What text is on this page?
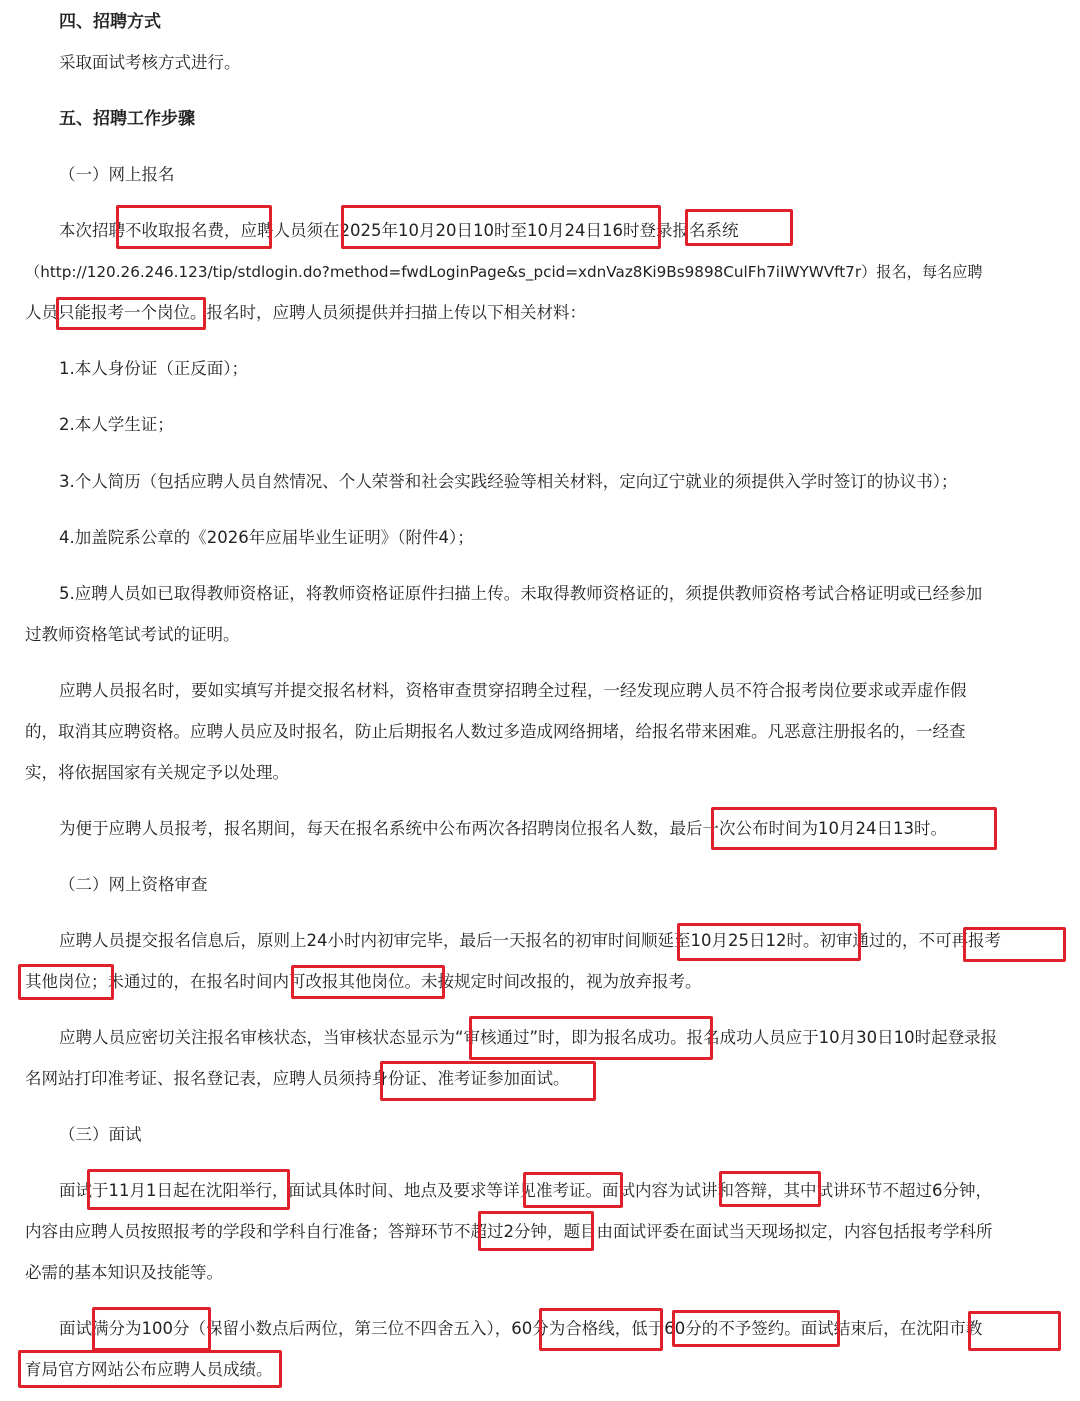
四、招聘方式
采取面试考核方式进行。
五、招聘工作步骤
（一）网上报名
本次招聘不收取报名费，应聘人员须在2025年10月20日10时至10月24日16时登录报名系统
（http://120.26.246.123/tip/stdlogin.do?method=fwdLoginPage&s_pcid=xdnVaz8Ki9Bs9898CulFh7iIWYWVft7r）报名，每名应聘
人员只能报考一个岗位。报名时，应聘人员须提供并扫描上传以下相关材料：
1.本人身份证（正反面）；
2.本人学生证；
3.个人简历（包括应聘人员自然情况、个人荣誉和社会实践经验等相关材料，定向辽宁就业的须提供入学时签订的协议书）；
4.加盖院系公章的《2026年应届毕业生证明》（附件4）；
5.应聘人员如已取得教师资格证，将教师资格证原件扫描上传。未取得教师资格证的，须提供教师资格考试合格证明或已经参加
过教师资格笔试考试的证明。
应聘人员报名时，要如实填写并提交报名材料，资格审查贯穿招聘全过程，一经发现应聘人员不符合报考岗位要求或弄虚作假
的，取消其应聘资格。应聘人员应及时报名，防止后期报名人数过多造成网络拥堵，给报名带来困难。凡恶意注册报名的，一经查
实，将依据国家有关规定予以处理。
为便于应聘人员报考，报名期间，每天在报名系统中公布两次各招聘岗位报名人数，最后一次公布时间为10月24日13时。
（二）网上资格审查
应聘人员提交报名信息后，原则上24小时内初审完毕，最后一天报名的初审时间顺延至10月25日12时。初审通过的，不可再报考
其他岗位；未通过的，在报名时间内可改报其他岗位。未按规定时间改报的，视为放弃报考。
应聘人员应密切关注报名审核状态，当审核状态显示为“审核通过”时，即为报名成功。报名成功人员应于10月30日10时起登录报
名网站打印准考证、报名登记表，应聘人员须持身份证、准考证参加面试。
（三）面试
面试于11月1日起在沈阳举行，面试具体时间、地点及要求等详见准考证。面试内容为试讲和答辩，其中试讲环节不超过6分钟，
内容由应聘人员按照报考的学段和学科自行准备；答辩环节不超过2分钟，题目由面试评委在面试当天现场拟定，内容包括报考学科所
必需的基本知识及技能等。
面试满分为100分（保留小数点后两位，第三位不四舍五入），60分为合格线，低于60分的不予签约。面试结束后，在沈阳市教
育局官方网站公布应聘人员成绩。
